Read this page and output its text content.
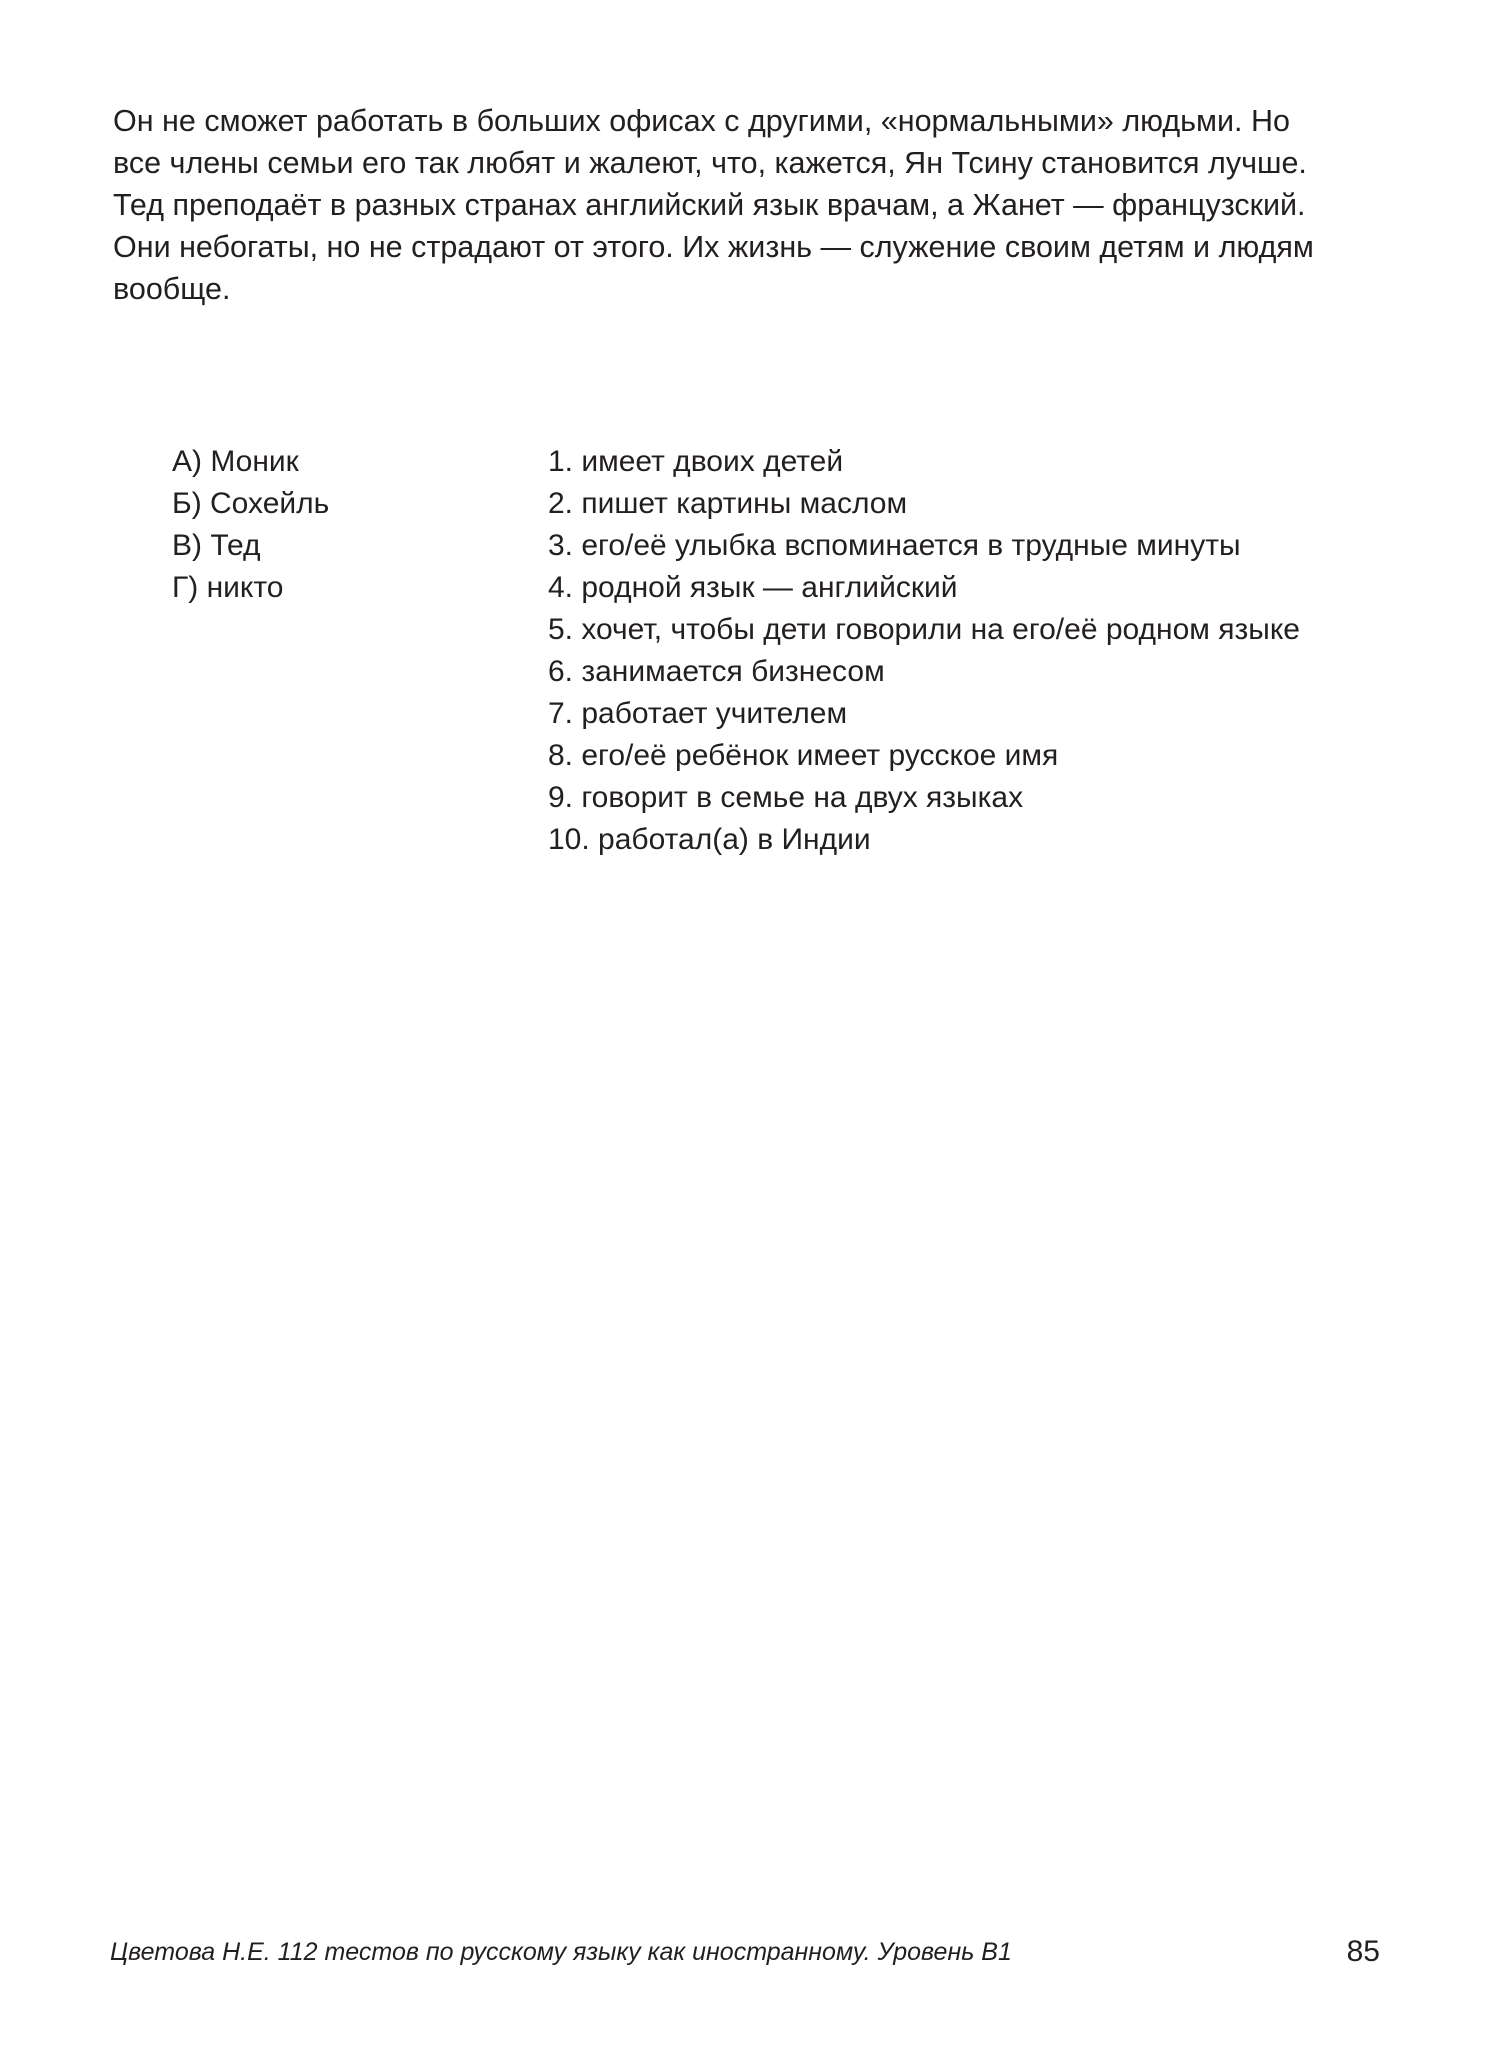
Он не сможет работать в больших офисах с другими, «нормальными» людьми. Но
все члены семьи его так любят и жалеют, что, кажется, Ян Тсину становится лучше.
Тед преподаёт в разных странах английский язык врачам, а Жанет — французский.
Они небогаты, но не страдают от этого. Их жизнь — служение своим детям и людям
вообще.
А) Моник
Б) Сохейль
В) Тед
Г) никто
1. имеет двоих детей
2. пишет картины маслом
3. его/её улыбка вспоминается в трудные минуты
4. родной язык — английский
5. хочет, чтобы дети говорили на его/её родном языке
6. занимается бизнесом
7. работает учителем
8. его/её ребёнок имеет русское имя
9. говорит в семье на двух языках
10. работал(а) в Индии
Цветова Н.Е. 112 тестов по русскому языку как иностранному. Уровень B1	85
